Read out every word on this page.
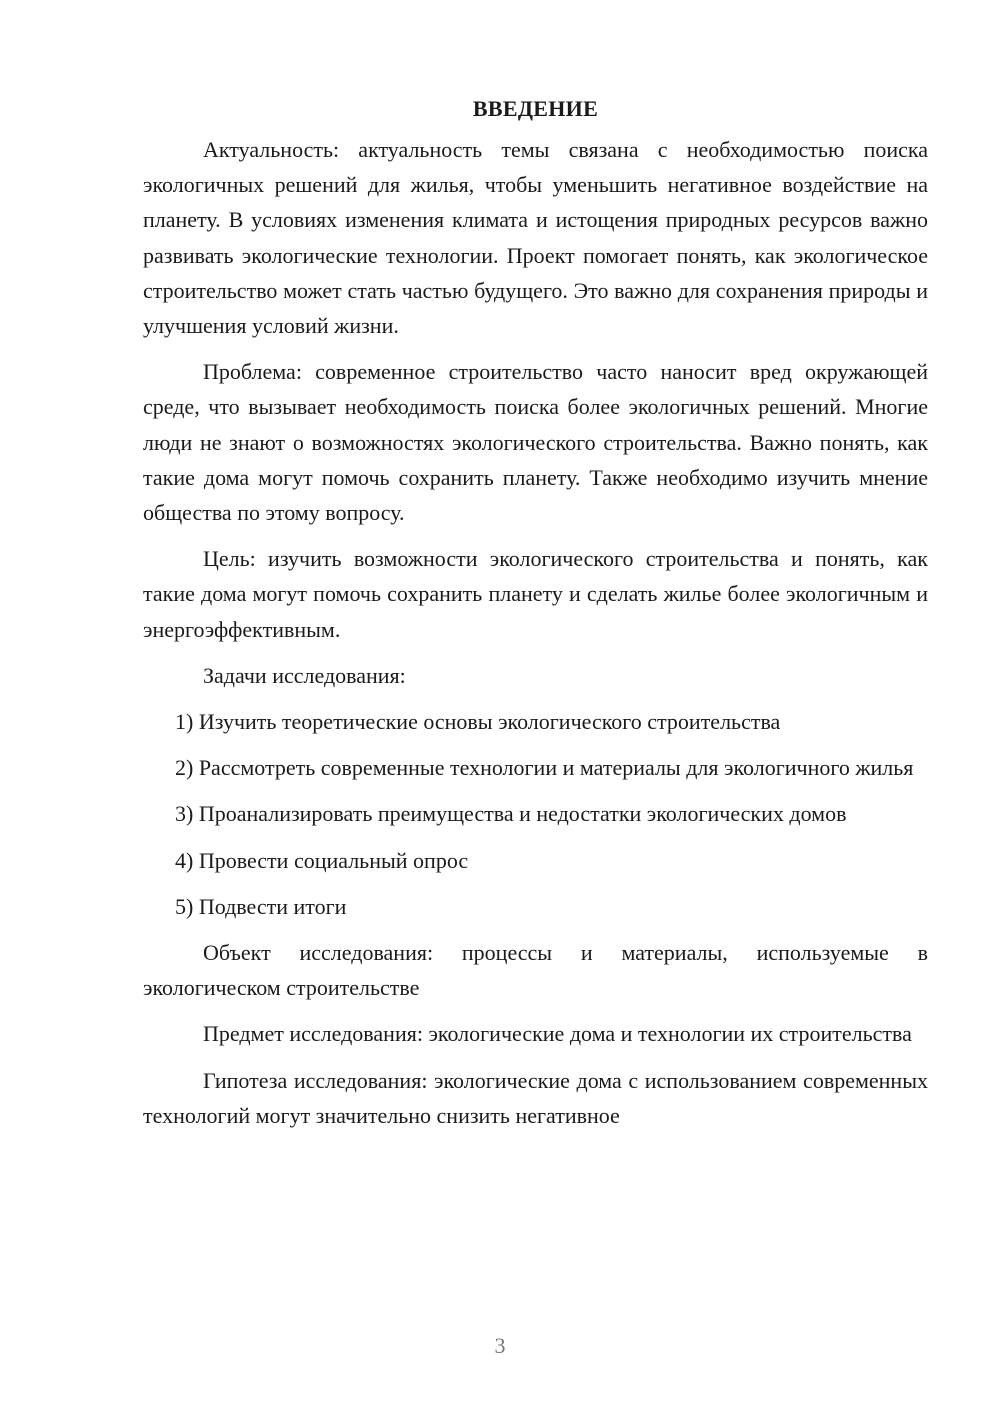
ВВЕДЕНИЕ

Актуальность: актуальность темы связана с необходимостью поиска экологичных решений для жилья, чтобы уменьшить негативное воздействие на планету. В условиях изменения климата и истощения природных ресурсов важно развивать экологические технологии. Проект помогает понять, как экологическое строительство может стать частью будущего. Это важно для сохранения природы и улучшения условий жизни.

Проблема: современное строительство часто наносит вред окружающей среде, что вызывает необходимость поиска более экологичных решений. Многие люди не знают о возможностях экологического строительства. Важно понять, как такие дома могут помочь сохранить планету. Также необходимо изучить мнение общества по этому вопросу.

Цель: изучить возможности экологического строительства и понять, как такие дома могут помочь сохранить планету и сделать жилье более экологичным и энергоэффективным.

Задачи исследования:

1) Изучить теоретические основы экологического строительства

2) Рассмотреть современные технологии и материалы для экологичного жилья

3) Проанализировать преимущества и недостатки экологических домов

4) Провести социальный опрос

5) Подвести итоги

Объект исследования: процессы и материалы, используемые в экологическом строительстве

Предмет исследования: экологические дома и технологии их строительства

Гипотеза исследования: экологические дома с использованием современных технологий могут значительно снизить негативное

3
